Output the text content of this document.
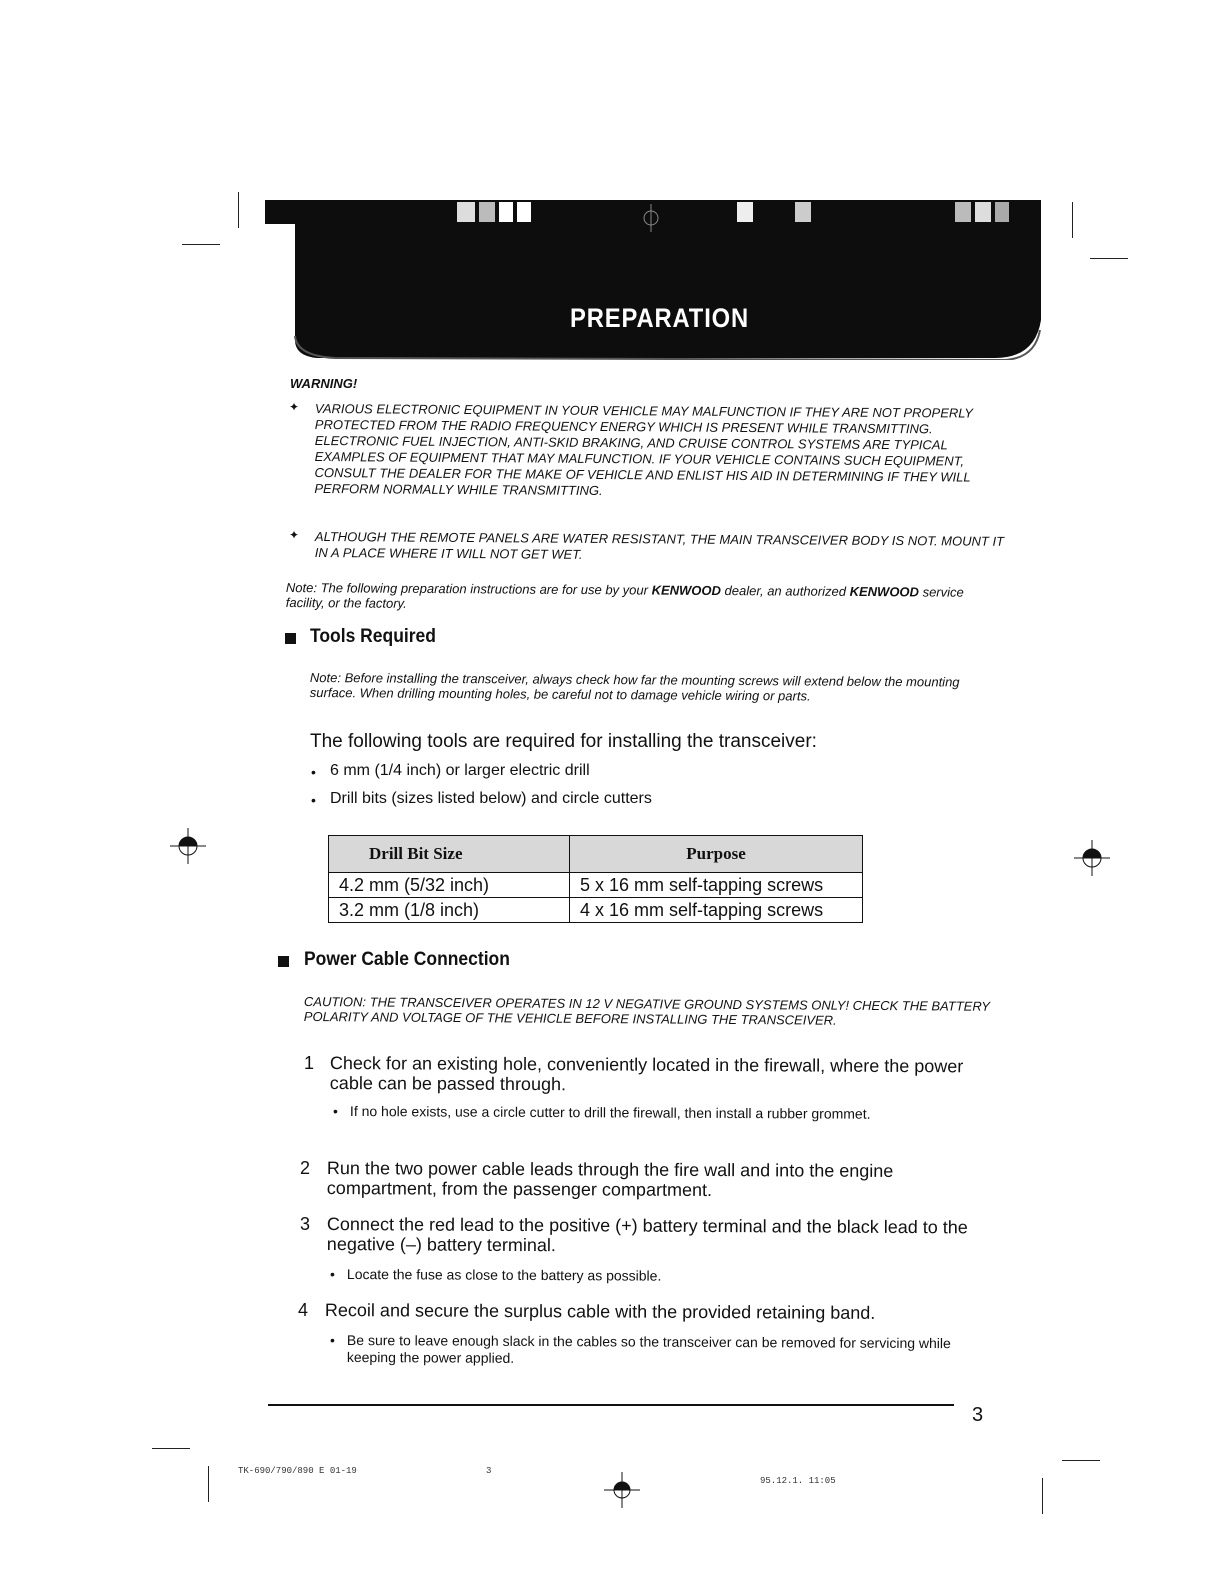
PREPARATION
WARNING!
✦ VARIOUS ELECTRONIC EQUIPMENT IN YOUR VEHICLE MAY MALFUNCTION IF THEY ARE NOT PROPERLY PROTECTED FROM THE RADIO FREQUENCY ENERGY WHICH IS PRESENT WHILE TRANSMITTING. ELECTRONIC FUEL INJECTION, ANTI-SKID BRAKING, AND CRUISE CONTROL SYSTEMS ARE TYPICAL EXAMPLES OF EQUIPMENT THAT MAY MALFUNCTION. IF YOUR VEHICLE CONTAINS SUCH EQUIPMENT, CONSULT THE DEALER FOR THE MAKE OF VEHICLE AND ENLIST HIS AID IN DETERMINING IF THEY WILL PERFORM NORMALLY WHILE TRANSMITTING.
✦ ALTHOUGH THE REMOTE PANELS ARE WATER RESISTANT, THE MAIN TRANSCEIVER BODY IS NOT. MOUNT IT IN A PLACE WHERE IT WILL NOT GET WET.
Note: The following preparation instructions are for use by your KENWOOD dealer, an authorized KENWOOD service facility, or the factory.
Tools Required
Note: Before installing the transceiver, always check how far the mounting screws will extend below the mounting surface. When drilling mounting holes, be careful not to damage vehicle wiring or parts.
The following tools are required for installing the transceiver:
• 6 mm (1/4 inch) or larger electric drill
• Drill bits (sizes listed below) and circle cutters
Drill Bit Size	Purpose
4.2 mm (5/32 inch)	5 x 16 mm self-tapping screws
3.2 mm (1/8 inch)	4 x 16 mm self-tapping screws
Power Cable Connection
CAUTION: THE TRANSCEIVER OPERATES IN 12 V NEGATIVE GROUND SYSTEMS ONLY! CHECK THE BATTERY POLARITY AND VOLTAGE OF THE VEHICLE BEFORE INSTALLING THE TRANSCEIVER.
1 Check for an existing hole, conveniently located in the firewall, where the power cable can be passed through.
• If no hole exists, use a circle cutter to drill the firewall, then install a rubber grommet.
2 Run the two power cable leads through the fire wall and into the engine compartment, from the passenger compartment.
3 Connect the red lead to the positive (+) battery terminal and the black lead to the negative (–) battery terminal.
• Locate the fuse as close to the battery as possible.
4 Recoil and secure the surplus cable with the provided retaining band.
• Be sure to leave enough slack in the cables so the transceiver can be removed for servicing while keeping the power applied.
3
TK-690/790/890 E 01-19	3
95.12.1. 11:05
